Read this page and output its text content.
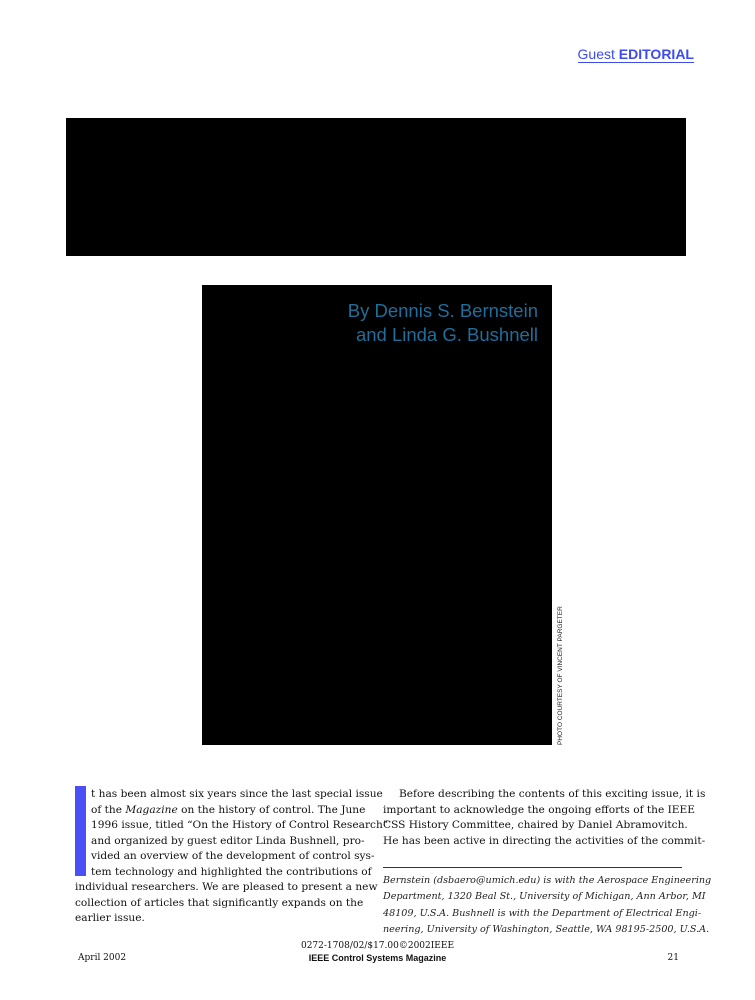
Guest EDITORIAL
By Dennis S. Bernstein
and Linda G. Bushnell
PHOTO COURTESY OF VINCENT PARGETER
t has been almost six years since the last special issue
of the Magazine on the history of control. The June
1996 issue, titled “On the History of Control Research”
and organized by guest editor Linda Bushnell, pro-
vided an overview of the development of control sys-
tem technology and highlighted the contributions of
individual researchers. We are pleased to present a new
collection of articles that significantly expands on the
earlier issue.
Before describing the contents of this exciting issue, it is
important to acknowledge the ongoing efforts of the IEEE
CSS History Committee, chaired by Daniel Abramovitch.
He has been active in directing the activities of the commit-
Bernstein (dsbaero@umich.edu) is with the Aerospace Engineering
Department, 1320 Beal St., University of Michigan, Ann Arbor, MI
48109, U.S.A. Bushnell is with the Department of Electrical Engi-
neering, University of Washington, Seattle, WA 98195-2500, U.S.A.
April 2002
0272-1708/02/$17.00©2002IEEE
IEEE Control Systems Magazine	21
